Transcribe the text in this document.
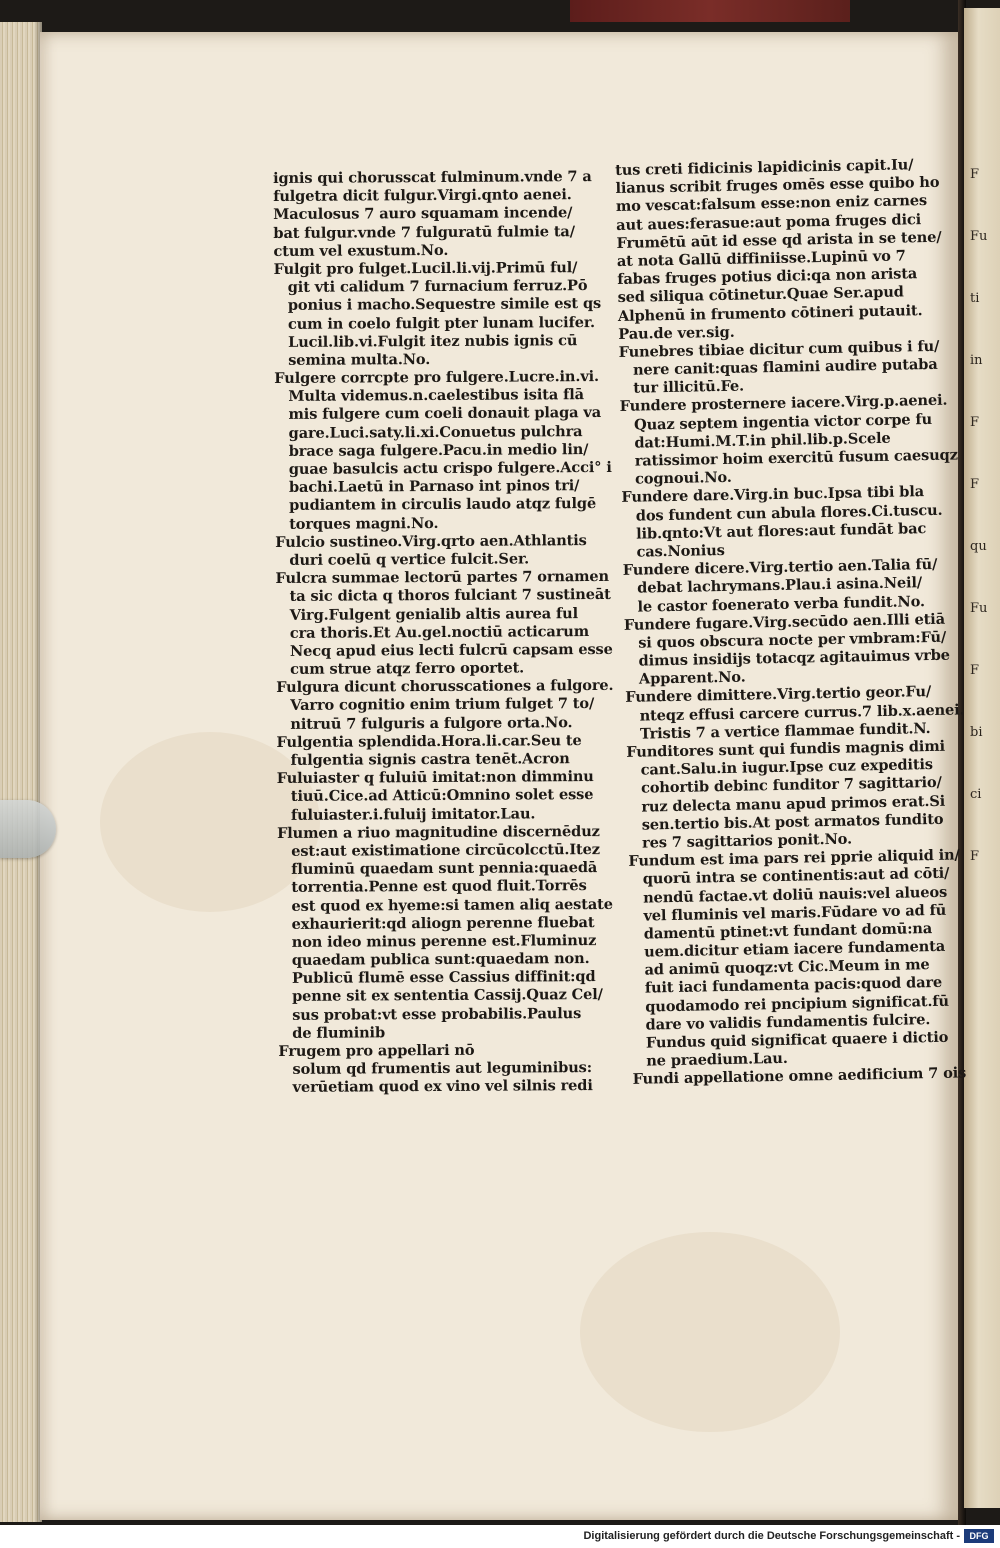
F
Fu
ti
in
F
F
qu
Fu
F
bi
ci
F
ignis qui chorusscat fulminum.vnde 7 a
fulgetra dicit fulgur.Virgi.qnto aenei.
Maculosus 7 auro squamam incende/
bat fulgur.vnde 7 fulguratū fulmie ta/
ctum vel exustum.No.
Fulgit pro fulget.Lucil.li.vij.Primū ful/
git vti calidum 7 furnacium ferruz.Pō
ponius i macho.Sequestre simile est qs
cum in coelo fulgit pter lunam lucifer.
Lucil.lib.vi.Fulgit itez nubis ignis cū
semina multa.No.
Fulgere corrcpte pro fulgere.Lucre.in.vi.
Multa videmus.n.caelestibus isita flā
mis fulgere cum coeli donauit plaga va
gare.Luci.saty.li.xi.Conuetus pulchra
brace saga fulgere.Pacu.in medio lin/
guae basulcis actu crispo fulgere.Acci° i
bachi.Laetū in Parnaso int pinos tri/
pudiantem in circulis laudo atqz fulgē
torques magni.No.
Fulcio sustineo.Virg.qrto aen.Athlantis
duri coelū q vertice fulcit.Ser.
Fulcra summae lectorū partes 7 ornamen
ta sic dicta q thoros fulciant 7 sustineāt
Virg.Fulgent genialib altis aurea ful
cra thoris.Et Au.gel.noctiū acticarum
Necq apud eius lecti fulcrū capsam esse
cum strue atqz ferro oportet.
Fulgura dicunt chorusscationes a fulgore.
Varro cognitio enim trium fulget 7 to/
nitruū 7 fulguris a fulgore orta.No.
Fulgentia splendida.Hora.li.car.Seu te
fulgentia signis castra tenēt.Acron
Fuluiaster q fuluiū imitat:non dimminu
tiuū.Cice.ad Atticū:Omnino solet esse
fuluiaster.i.fuluij imitator.Lau.
Flumen a riuo magnitudine discernēduz
est:aut existimatione circūcolcctū.Itez
fluminū quaedam sunt pennia:quaedā
torrentia.Penne est quod fluit.Torrēs
est quod ex hyeme:si tamen aliq aestate
exhaurierit:qd aliogn perenne fluebat
non ideo minus perenne est.Fluminuz
quaedam publica sunt:quaedam non.
Publicū flumē esse Cassius diffinit:qd
penne sit ex sententia Cassij.Quaz Cel/
sus probat:vt esse probabilis.Paulus
de fluminib
Frugem pro appellari nō
solum qd frumentis aut leguminibus:
verūetiam quod ex vino vel silnis redi
tus creti fidicinis lapidicinis capit.Iu/
lianus scribit fruges omēs esse quibo ho
mo vescat:falsum esse:non eniz carnes
aut aues:ferasue:aut poma fruges dici
Frumētū aūt id esse qd arista in se tene/
at nota Gallū diffiniisse.Lupinū vo 7
fabas fruges potius dici:qa non arista
sed siliqua cōtinetur.Quae Ser.apud
Alphenū in frumento cōtineri putauit.
Pau.de ver.sig.
Funebres tibiae dicitur cum quibus i fu/
nere canit:quas flamini audire putaba
tur illicitū.Fe.
Fundere prosternere iacere.Virg.p.aenei.
Quaz septem ingentia victor corpe fu
dat:Humi.M.T.in phil.lib.p.Scele
ratissimor hoim exercitū fusum caesuqz
cognoui.No.
Fundere dare.Virg.in buc.Ipsa tibi bla
dos fundent cun abula flores.Ci.tuscu.
lib.qnto:Vt aut flores:aut fundāt bac
cas.Nonius
Fundere dicere.Virg.tertio aen.Talia fū/
debat lachrymans.Plau.i asina.Neil/
le castor foenerato verba fundit.No.
Fundere fugare.Virg.secūdo aen.Illi etiā
si quos obscura nocte per vmbram:Fū/
dimus insidijs totacqz agitauimus vrbe
Apparent.No.
Fundere dimittere.Virg.tertio geor.Fu/
nteqz effusi carcere currus.7 lib.x.aenei.
Tristis 7 a vertice flammae fundit.N.
Funditores sunt qui fundis magnis dimi
cant.Salu.in iugur.Ipse cuz expeditis
cohortib debinc funditor 7 sagittario/
ruz delecta manu apud primos erat.Si
sen.tertio bis.At post armatos fundito
res 7 sagittarios ponit.No.
Fundum est ima pars rei pprie aliquid in/
quorū intra se continentis:aut ad cōti/
nendū factae.vt doliū nauis:vel alueos
vel fluminis vel maris.Fūdare vo ad fū
damentū ptinet:vt fundant domū:na
uem.dicitur etiam iacere fundamenta
ad animū quoqz:vt Cic.Meum in me
fuit iaci fundamenta pacis:quod dare
quodamodo rei pncipium significat.fū
dare vo validis fundamentis fulcire.
Fundus quid significat quaere i dictio
ne praedium.Lau.
Fundi appellatione omne aedificium 7 ois
Digitalisierung gefördert durch die Deutsche Forschungsgemeinschaft -	DFG
